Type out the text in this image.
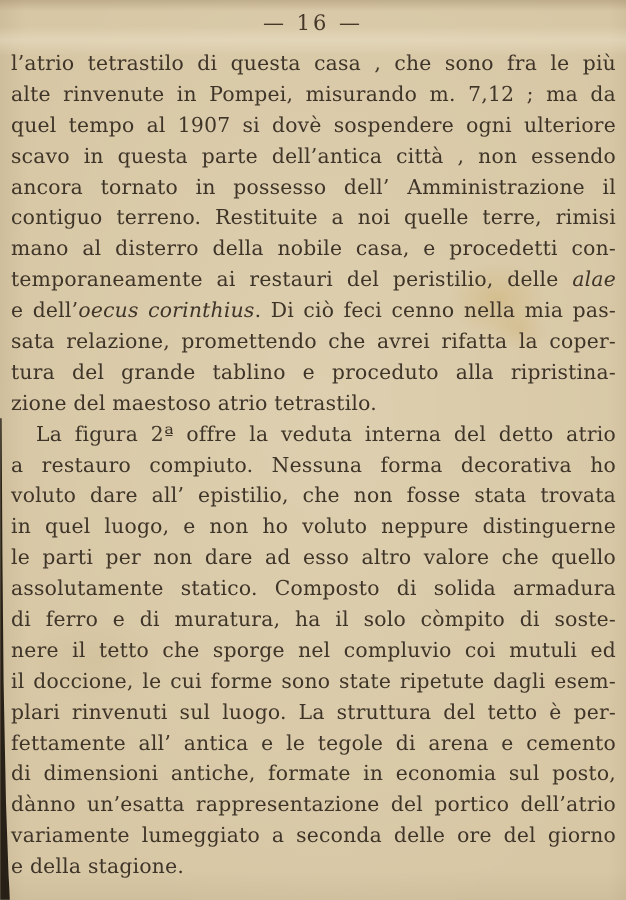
— 16 —
l’atrio tetrastilo di questa casa , che sono fra le più
alte rinvenute in Pompei, misurando m. 7,12 ; ma da
quel tempo al 1907 si dovè sospendere ogni ulteriore
scavo in questa parte dell’antica città , non essendo
ancora tornato in possesso dell’ Amministrazione il
contiguo terreno. Restituite a noi quelle terre, rimisi
mano al disterro della nobile casa, e procedetti con-
temporaneamente ai restauri del peristilio, delle alae
e dell’oecus corinthius. Di ciò feci cenno nella mia pas-
sata relazione, promettendo che avrei rifatta la coper-
tura del grande tablino e proceduto alla ripristina-
zione del maestoso atrio tetrastilo.
La figura 2ª offre la veduta interna del detto atrio
a restauro compiuto. Nessuna forma decorativa ho
voluto dare all’ epistilio, che non fosse stata trovata
in quel luogo, e non ho voluto neppure distinguerne
le parti per non dare ad esso altro valore che quello
assolutamente statico. Composto di solida armadura
di ferro e di muratura, ha il solo còmpito di soste-
nere il tetto che sporge nel compluvio coi mutuli ed
il doccione, le cui forme sono state ripetute dagli esem-
plari rinvenuti sul luogo. La struttura del tetto è per-
fettamente all’ antica e le tegole di arena e cemento
di dimensioni antiche, formate in economia sul posto,
dànno un’esatta rappresentazione del portico dell’atrio
variamente lumeggiato a seconda delle ore del giorno
e della stagione.
